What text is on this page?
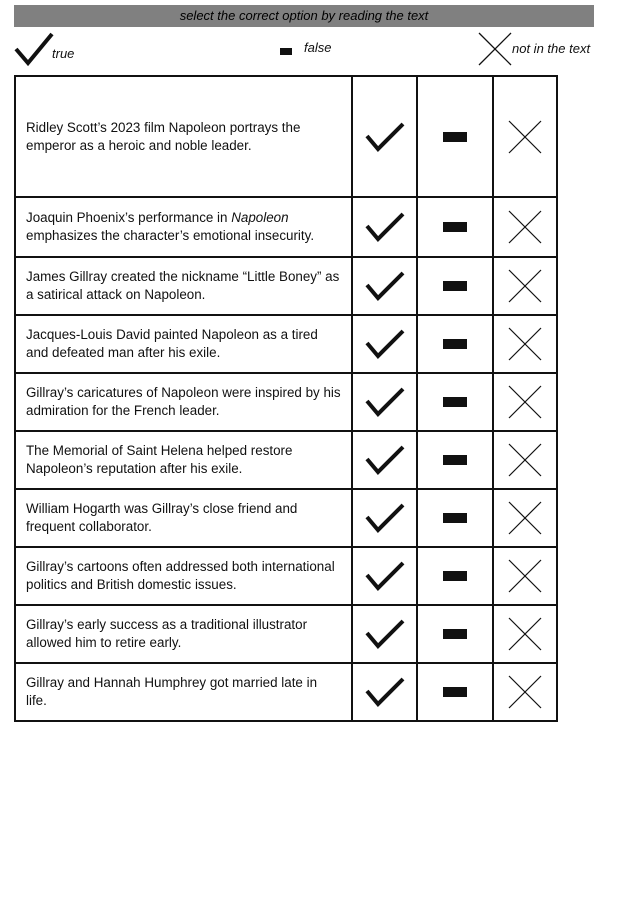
select the correct option by reading the text
true	false	not in the text
Ridley Scott’s 2023 film Napoleon portrays the emperor as a heroic and noble leader.	

Joaquin Phoenix’s performance in Napoleon emphasizes the character’s emotional insecurity.	

James Gillray created the nickname “Little Boney” as a satirical attack on Napoleon.	

Jacques-Louis David painted Napoleon as a tired and defeated man after his exile.	

Gillray’s caricatures of Napoleon were inspired by his admiration for the French leader.	

The Memorial of Saint Helena helped restore Napoleon’s reputation after his exile.	

William Hogarth was Gillray’s close friend and frequent collaborator.	

Gillray’s cartoons often addressed both international politics and British domestic issues.	

Gillray’s early success as a traditional illustrator allowed him to retire early.	

Gillray and Hannah Humphrey got married late in life.	
